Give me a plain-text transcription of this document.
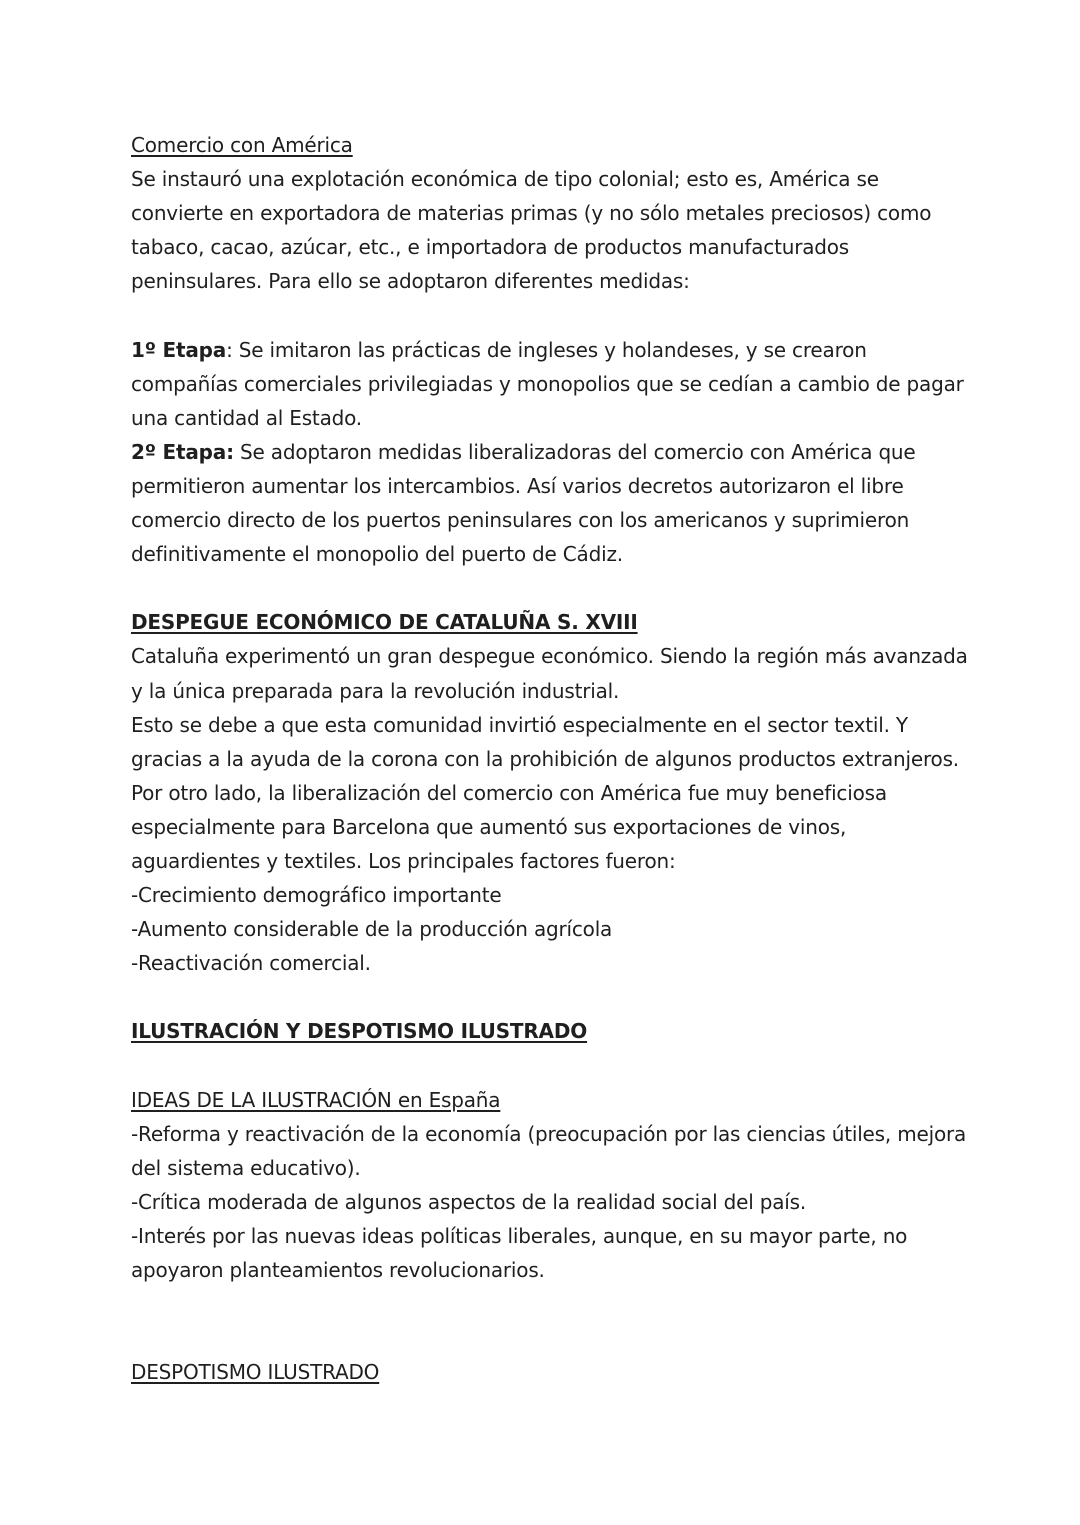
Comercio con América
Se instauró una explotación económica de tipo colonial; esto es, América se
convierte en exportadora de materias primas (y no sólo metales preciosos) como
tabaco, cacao, azúcar, etc., e importadora de productos manufacturados
peninsulares. Para ello se adoptaron diferentes medidas:
1º Etapa: Se imitaron las prácticas de ingleses y holandeses, y se crearon
compañías comerciales privilegiadas y monopolios que se cedían a cambio de pagar
una cantidad al Estado.
2º Etapa: Se adoptaron medidas liberalizadoras del comercio con América que
permitieron aumentar los intercambios. Así varios decretos autorizaron el libre
comercio directo de los puertos peninsulares con los americanos y suprimieron
definitivamente el monopolio del puerto de Cádiz.
DESPEGUE ECONÓMICO DE CATALUÑA S. XVIII
Cataluña experimentó un gran despegue económico. Siendo la región más avanzada
y la única preparada para la revolución industrial.
Esto se debe a que esta comunidad invirtió especialmente en el sector textil. Y
gracias a la ayuda de la corona con la prohibición de algunos productos extranjeros.
Por otro lado, la liberalización del comercio con América fue muy beneficiosa
especialmente para Barcelona que aumentó sus exportaciones de vinos,
aguardientes y textiles. Los principales factores fueron:
-Crecimiento demográfico importante
-Aumento considerable de la producción agrícola
-Reactivación comercial.
ILUSTRACIÓN Y DESPOTISMO ILUSTRADO
IDEAS DE LA ILUSTRACIÓN en España
-Reforma y reactivación de la economía (preocupación por las ciencias útiles, mejora
del sistema educativo).
-Crítica moderada de algunos aspectos de la realidad social del país.
-Interés por las nuevas ideas políticas liberales, aunque, en su mayor parte, no
apoyaron planteamientos revolucionarios.
DESPOTISMO ILUSTRADO
